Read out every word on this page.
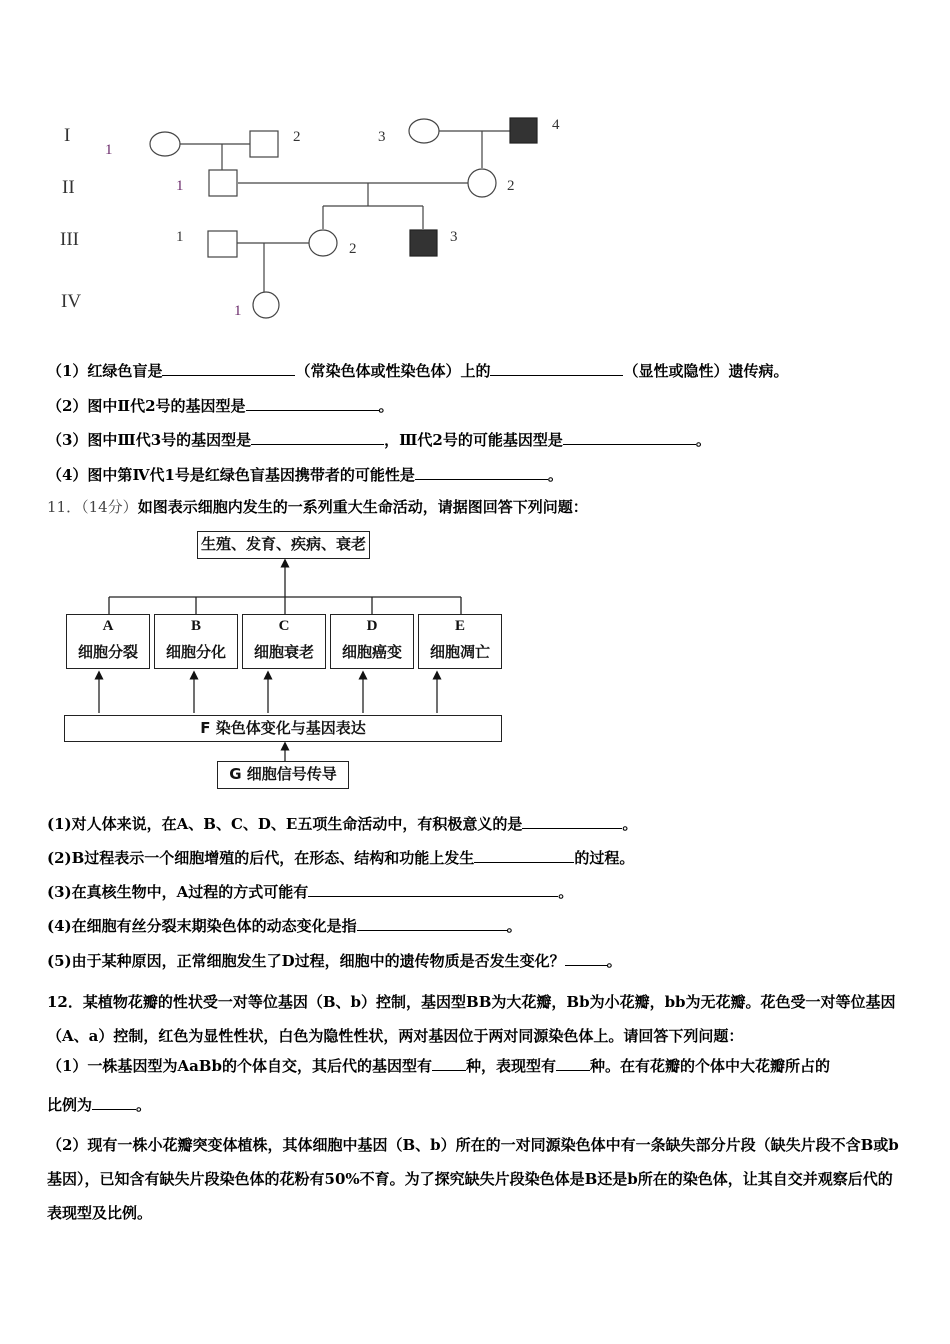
I
II
III
IV
1
2	3
4
1	2
1
2
3
1
（1）红绿色盲是	（常染色体或性染色体）上的	（显性或隐性）遗传病。
（2）图中Ⅱ代2号的基因型是	。
（3）图中Ⅲ代3号的基因型是	，Ⅲ代2号的可能基因型是	。
（4）图中第Ⅳ代1号是红绿色盲基因携带者的可能性是	。
11．（14分）如图表示细胞内发生的一系列重大生命活动，请据图回答下列问题：
生殖、发育、疾病、衰老
A
细胞分裂
B
细胞分化
C
细胞衰老
D
细胞癌变
E
细胞凋亡
F 染色体变化与基因表达
G 细胞信号传导
(1)对人体来说，在A、B、C、D、E五项生命活动中，有积极意义的是	。
(2)B过程表示一个细胞增殖的后代，在形态、结构和功能上发生	的过程。
(3)在真核生物中，A过程的方式可能有	。
(4)在细胞有丝分裂末期染色体的动态变化是指	。
(5)由于某种原因，正常细胞发生了D过程，细胞中的遗传物质是否发生变化？	。
12．某植物花瓣的性状受一对等位基因（B、b）控制，基因型BB为大花瓣，Bb为小花瓣，bb为无花瓣。花色受一对等位基因（A、a）控制，红色为显性性状，白色为隐性性状，两对基因位于两对同源染色体上。请回答下列问题：
（1）一株基因型为AaBb的个体自交，其后代的基因型有 种，表现型有 种。在有花瓣的个体中大花瓣所占的
比例为	。
（2）现有一株小花瓣突变体植株，其体细胞中基因（B、b）所在的一对同源染色体中有一条缺失部分片段（缺失片段不含B或b基因），已知含有缺失片段染色体的花粉有50%不育。为了探究缺失片段染色体是B还是b所在的染色体，让其自交并观察后代的表现型及比例。
